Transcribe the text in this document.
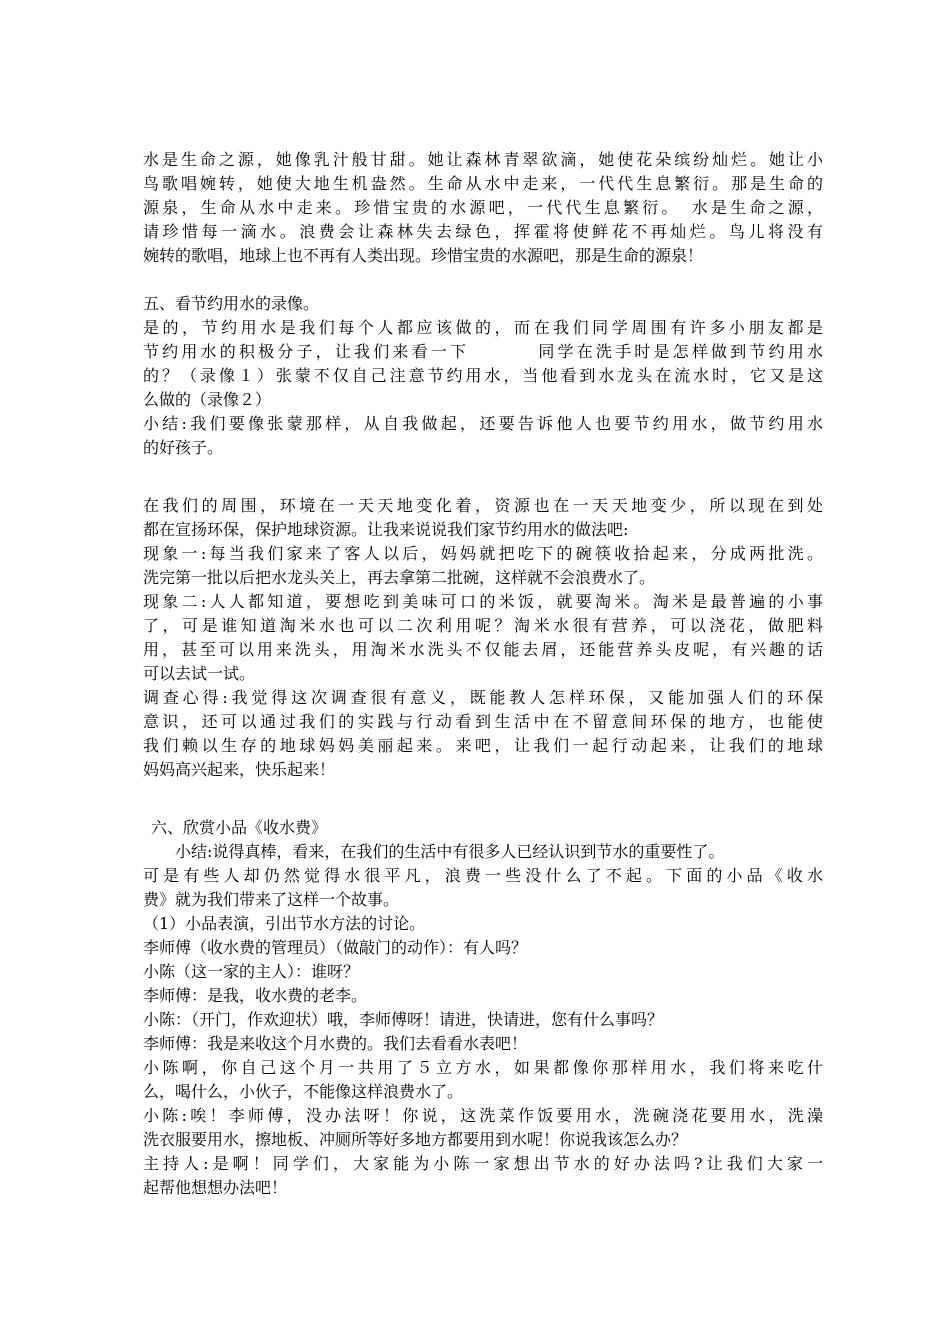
水是生命之源，她像乳汁般甘甜。她让森林青翠欲滴，她使花朵缤纷灿烂。她让小
鸟歌唱婉转，她使大地生机盎然。生命从水中走来，一代代生息繁衍。那是生命的
源泉，生命从水中走来。珍惜宝贵的水源吧，一代代生息繁衍。　水是生命之源，
请珍惜每一滴水。浪费会让森林失去绿色，挥霍将使鲜花不再灿烂。鸟儿将没有
婉转的歌唱，地球上也不再有人类出现。珍惜宝贵的水源吧，那是生命的源泉！
五、看节约用水的录像。
是的，节约用水是我们每个人都应该做的，而在我们同学周围有许多小朋友都是
节约用水的积极分子，让我们来看一下	同学在洗手时是怎样做到节约用水
的？（录像１）张蒙不仅自己注意节约用水，当他看到水龙头在流水时，它又是这
么做的（录像２）
小结:我们要像张蒙那样，从自我做起，还要告诉他人也要节约用水，做节约用水
的好孩子。
在我们的周围，环境在一天天地变化着，资源也在一天天地变少，所以现在到处
都在宣扬环保，保护地球资源。让我来说说我们家节约用水的做法吧:
现象一:每当我们家来了客人以后，妈妈就把吃下的碗筷收拾起来，分成两批洗。
洗完第一批以后把水龙头关上，再去拿第二批碗，这样就不会浪费水了。
现象二:人人都知道，要想吃到美味可口的米饭，就要淘米。淘米是最普遍的小事
了，可是谁知道淘米水也可以二次利用呢？淘米水很有营养，可以浇花，做肥料
用，甚至可以用来洗头，用淘米水洗头不仅能去屑，还能营养头皮呢，有兴趣的话
可以去试一试。
调查心得:我觉得这次调查很有意义，既能教人怎样环保，又能加强人们的环保
意识，还可以通过我们的实践与行动看到生活中在不留意间环保的地方，也能使
我们赖以生存的地球妈妈美丽起来。来吧，让我们一起行动起来，让我们的地球
妈妈高兴起来，快乐起来！
六、欣赏小品《收水费》
小结:说得真棒，看来，在我们的生活中有很多人已经认识到节水的重要性了。
可是有些人却仍然觉得水很平凡，浪费一些没什么了不起。下面的小品《收水
费》就为我们带来了这样一个故事。
（1）小品表演，引出节水方法的讨论。
李师傅（收水费的管理员）（做敲门的动作）：有人吗？
小陈（这一家的主人）：谁呀？
李师傅：是我，收水费的老李。
小陈：（开门，作欢迎状）哦，李师傅呀！请进，快请进，您有什么事吗？
李师傅：我是来收这个月水费的。我们去看看水表吧！
小陈啊，你自己这个月一共用了５立方水，如果都像你那样用水，我们将来吃什
么，喝什么，小伙子，不能像这样浪费水了。
小陈:唉！李师傅，没办法呀！你说，这洗菜作饭要用水，洗碗浇花要用水，洗澡
洗衣服要用水，擦地板、冲厕所等好多地方都要用到水呢！你说我该怎么办？
主持人:是啊！同学们，大家能为小陈一家想出节水的好办法吗?让我们大家一
起帮他想想办法吧！
